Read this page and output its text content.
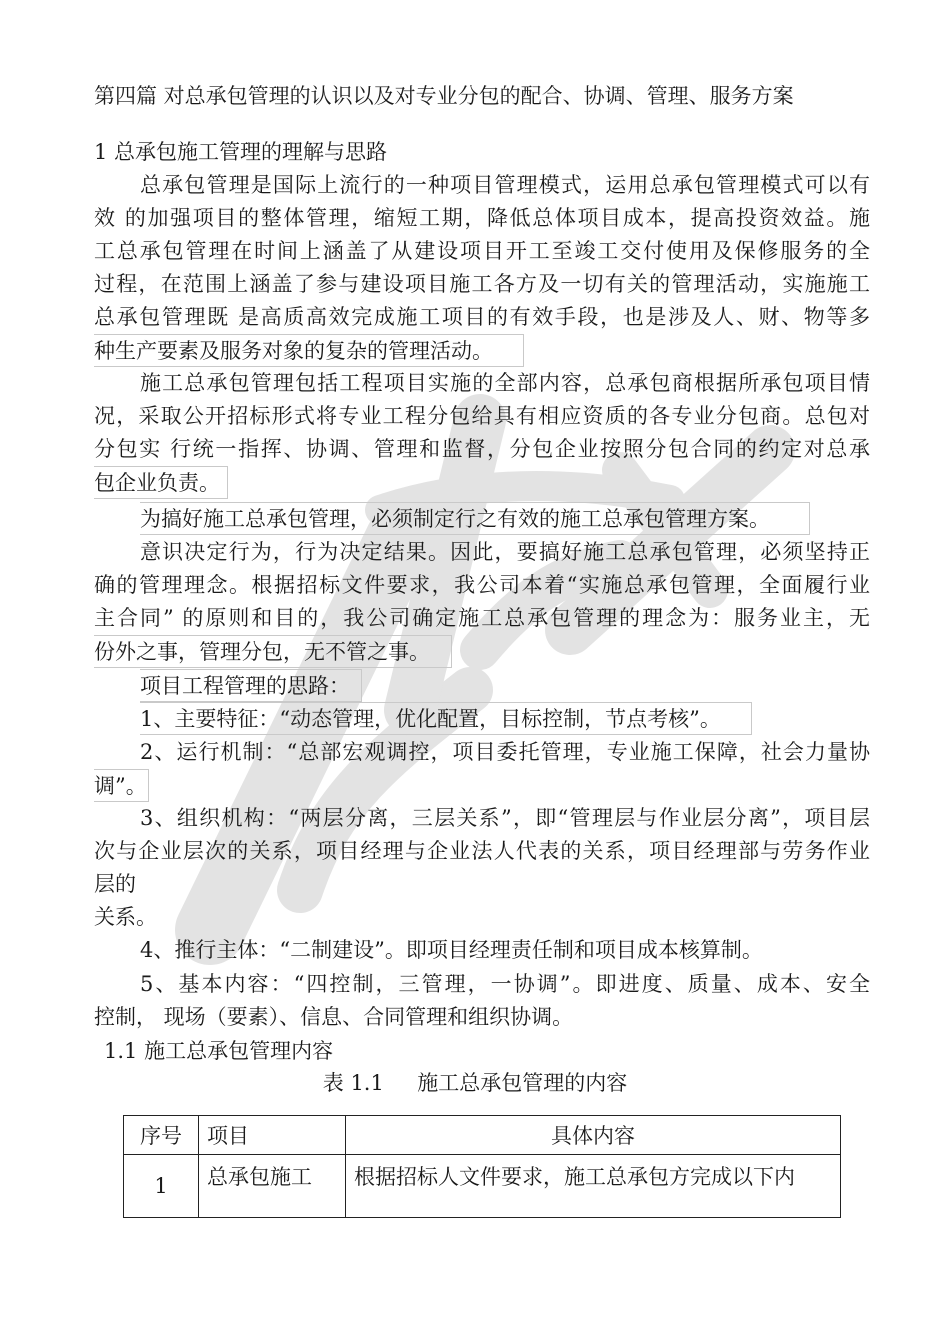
第四篇 对总承包管理的认识以及对专业分包的配合、协调、管理、服务方案
1 总承包施工管理的理解与思路
总承包管理是国际上流行的一种项目管理模式，运用总承包管理模式可以有
效 的加强项目的整体管理，缩短工期，降低总体项目成本，提高投资效益。施
工总承包管理在时间上涵盖了从建设项目开工至竣工交付使用及保修服务的全
过程，在范围上涵盖了参与建设项目施工各方及一切有关的管理活动，实施施工
总承包管理既 是高质高效完成施工项目的有效手段，也是涉及人、财、物等多
种生产要素及服务对象的复杂的管理活动。
施工总承包管理包括工程项目实施的全部内容，总承包商根据所承包项目情
况，采取公开招标形式将专业工程分包给具有相应资质的各专业分包商。总包对
分包实 行统一指挥、协调、管理和监督，分包企业按照分包合同的约定对总承
包企业负责。
为搞好施工总承包管理，必须制定行之有效的施工总承包管理方案。
意识决定行为，行为决定结果。因此，要搞好施工总承包管理，必须坚持正
确的管理理念。根据招标文件要求，我公司本着“实施总承包管理，全面履行业
主合同” 的原则和目的，我公司确定施工总承包管理的理念为：服务业主，无
份外之事，管理分包，无不管之事。
项目工程管理的思路：
1、主要特征：“动态管理，优化配置，目标控制，节点考核”。
2、运行机制：“总部宏观调控，项目委托管理，专业施工保障，社会力量协
调”。
3、组织机构：“两层分离，三层关系”，即“管理层与作业层分离”，项目层
次与企业层次的关系，项目经理与企业法人代表的关系，项目经理部与劳务作业
层的
关系。
4、推行主体：“二制建设”。即项目经理责任制和项目成本核算制。
5、基本内容：“四控制，三管理，一协调”。即进度、质量、成本、安全
控制， 现场（要素）、信息、合同管理和组织协调。
1.1 施工总承包管理内容
表 1.1     施工总承包管理的内容
序号	项目	具体内容
1	总承包施工	根据招标人文件要求，施工总承包方完成以下内
